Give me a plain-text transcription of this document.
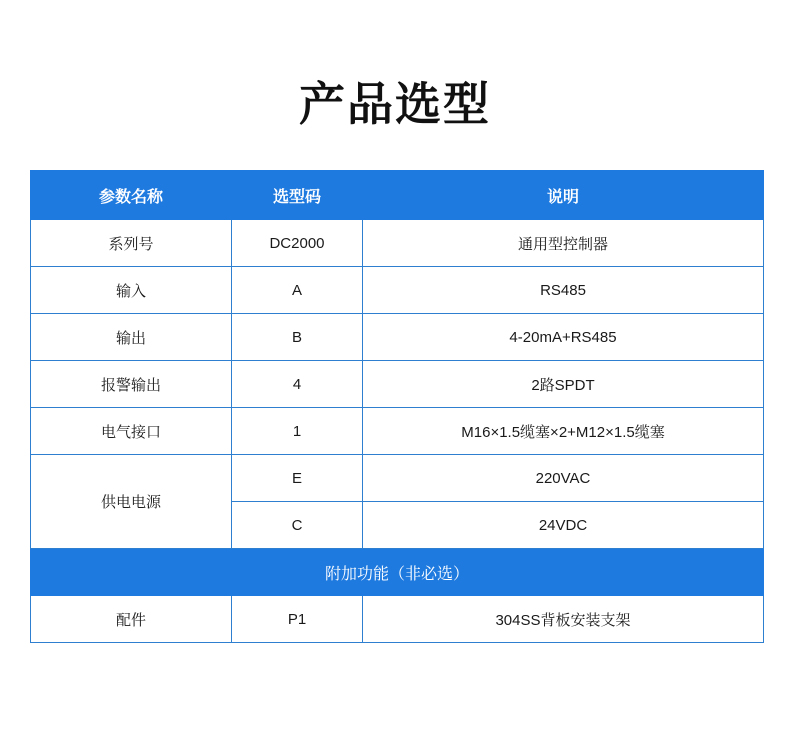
产品选型
参数名称	选型码	说明
系列号	DC2000	通用型控制器
输入	A	RS485
输出	B	4-20mA+RS485
报警输出	4	2路SPDT
电气接口	1	M16×1.5缆塞×2+M12×1.5缆塞
供电电源	E	220VAC
	C	24VDC
附加功能（非必选）		
配件	P1	304SS背板安装支架
